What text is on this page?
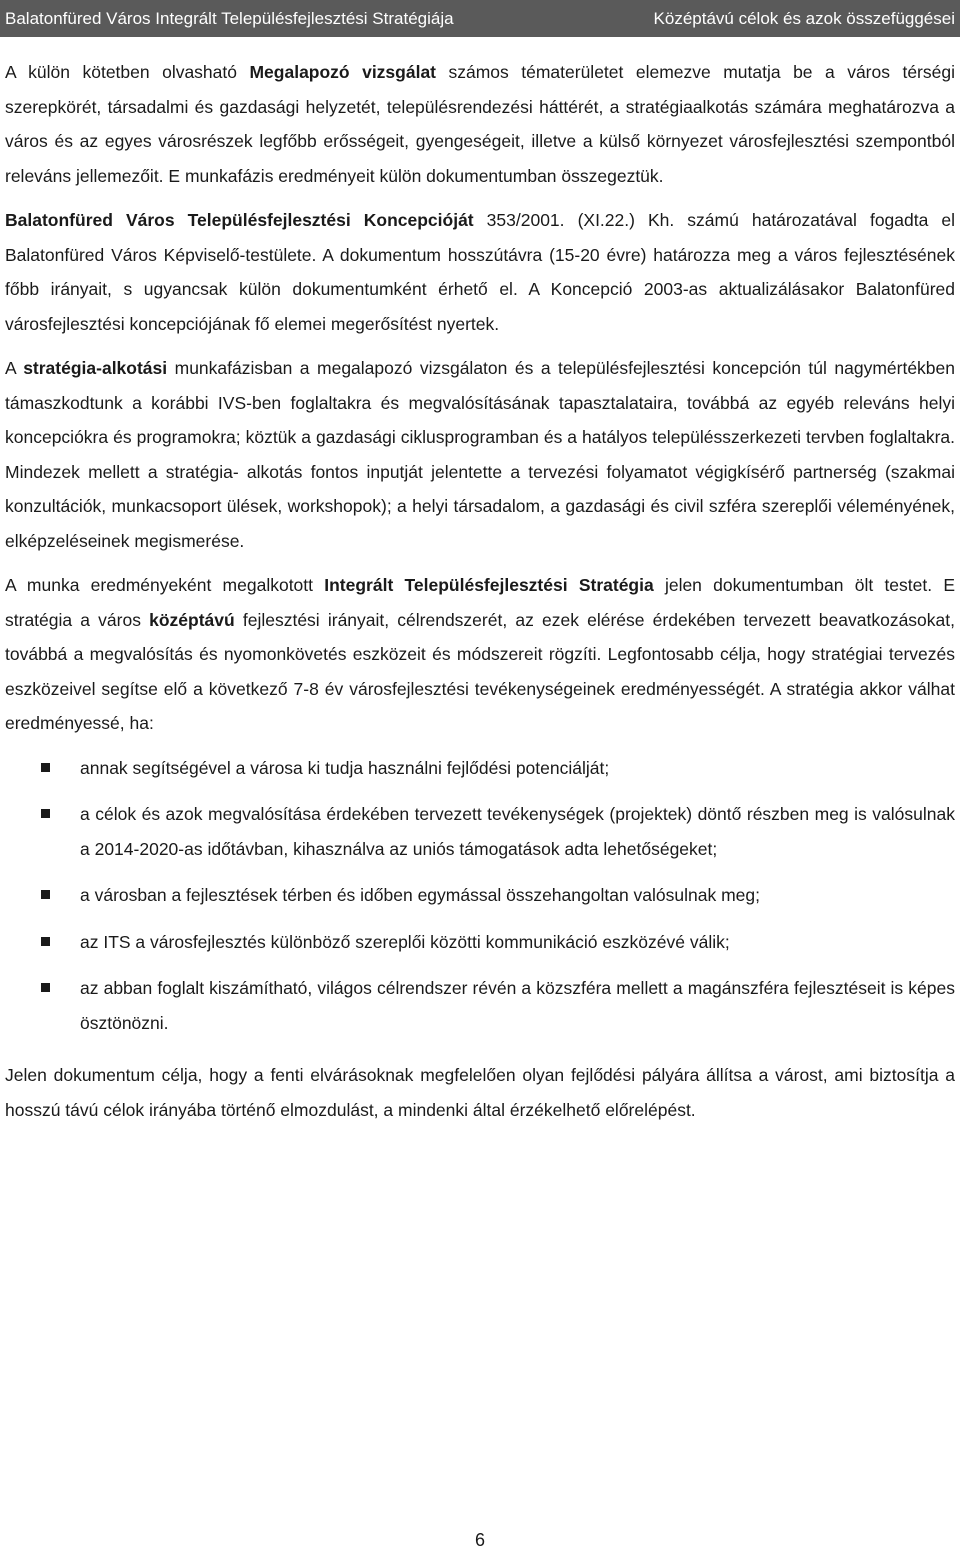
Balatonfüred Város Integrált Településfejlesztési Stratégiája	Középtávú célok és azok összefüggései

A külön kötetben olvasható Megalapozó vizsgálat számos tématerületet elemezve mutatja be a város térségi szerepkörét, társadalmi és gazdasági helyzetét, településrendezési háttérét, a stratégiaalkotás számára meghatározva a város és az egyes városrészek legfőbb erősségeit, gyengeségeit, illetve a külső környezet városfejlesztési szempontból releváns jellemezőit. E munkafázis eredményeit külön dokumentumban összegeztük.

Balatonfüred Város Településfejlesztési Koncepcióját 353/2001. (XI.22.) Kh. számú határozatával fogadta el Balatonfüred Város Képviselő-testülete. A dokumentum hosszútávra (15-20 évre) határozza meg a város fejlesztésének főbb irányait, s ugyancsak külön dokumentumként érhető el. A Koncepció 2003-as aktualizálásakor Balatonfüred városfejlesztési koncepciójának fő elemei megerősítést nyertek.

A stratégia-alkotási munkafázisban a megalapozó vizsgálaton és a településfejlesztési koncepción túl nagymértékben támaszkodtunk a korábbi IVS-ben foglaltakra és megvalósításának tapasztalataira, továbbá az egyéb releváns helyi koncepciókra és programokra; köztük a gazdasági ciklusprogramban és a hatályos településszerkezeti tervben foglaltakra. Mindezek mellett a stratégia- alkotás fontos inputját jelentette a tervezési folyamatot végigkísérő partnerség (szakmai konzultációk, munkacsoport ülések, workshopok); a helyi társadalom, a gazdasági és civil szféra szereplői véleményének, elképzeléseinek megismerése.

A munka eredményeként megalkotott Integrált Településfejlesztési Stratégia jelen dokumentumban ölt testet. E stratégia a város középtávú fejlesztési irányait, célrendszerét, az ezek elérése érdekében tervezett beavatkozásokat, továbbá a megvalósítás és nyomonkövetés eszközeit és módszereit rögzíti. Legfontosabb célja, hogy stratégiai tervezés eszközeivel segítse elő a következő 7-8 év városfejlesztési tevékenységeinek eredményességét. A stratégia akkor válhat eredményessé, ha:

annak segítségével a városa ki tudja használni fejlődési potenciálját;
a célok és azok megvalósítása érdekében tervezett tevékenységek (projektek) döntő részben meg is valósulnak a 2014-2020-as időtávban, kihasználva az uniós támogatások adta lehetőségeket;
a városban a fejlesztések térben és időben egymással összehangoltan valósulnak meg;
az ITS a városfejlesztés különböző szereplői közötti kommunikáció eszközévé válik;
az abban foglalt kiszámítható, világos célrendszer révén a közszféra mellett a magánszféra fejlesztéseit is képes ösztönözni.

Jelen dokumentum célja, hogy a fenti elvárásoknak megfelelően olyan fejlődési pályára állítsa a várost, ami biztosítja a hosszú távú célok irányába történő elmozdulást, a mindenki által érzékelhető előrelépést.

6
